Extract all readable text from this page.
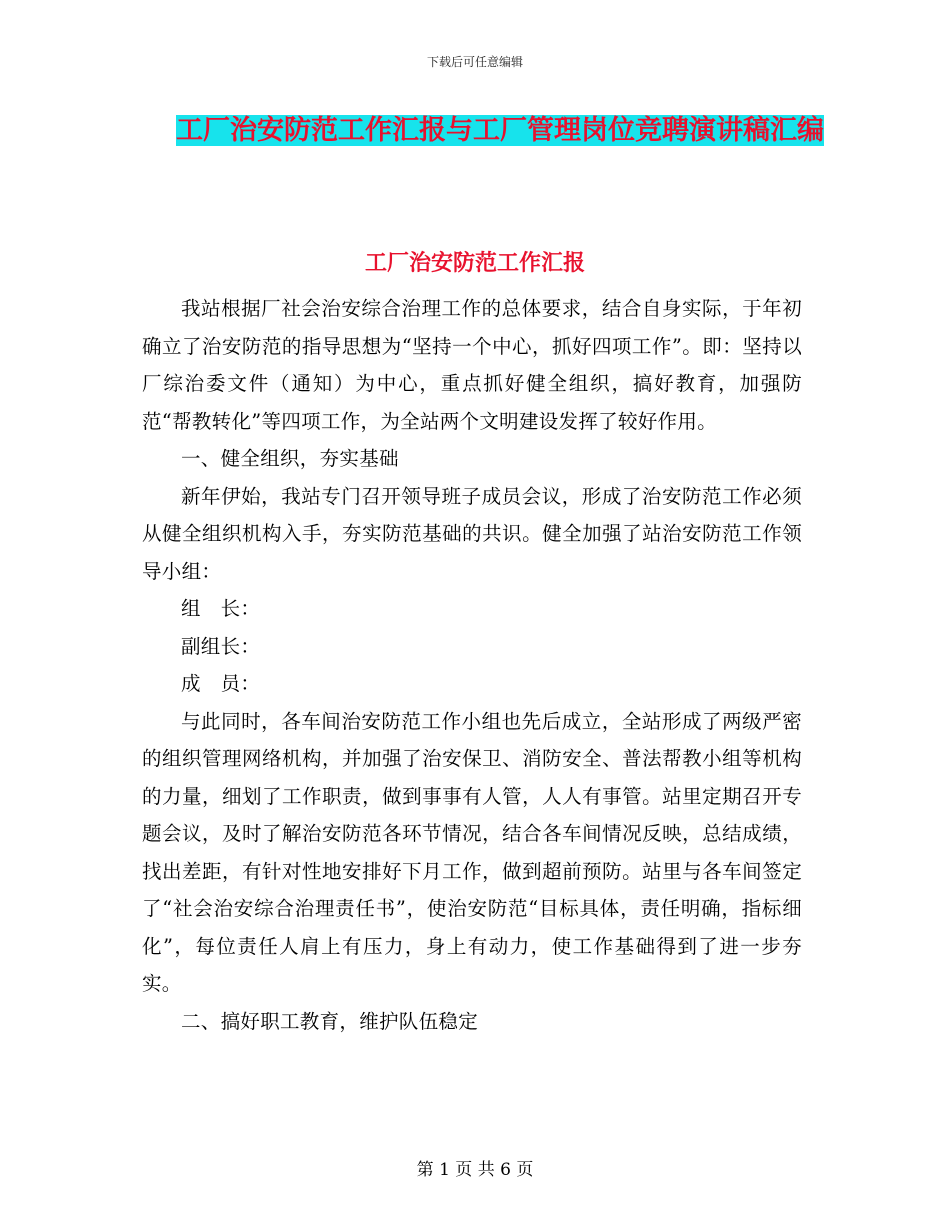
下载后可任意编辑
工厂治安防范工作汇报与工厂管理岗位竞聘演讲稿汇编
工厂治安防范工作汇报

我站根据厂社会治安综合治理工作的总体要求，结合自身实际，于年初确立了治安防范的指导思想为“坚持一个中心，抓好四项工作”。即：坚持以厂综治委文件（通知）为中心，重点抓好健全组织，搞好教育，加强防范“帮教转化”等四项工作，为全站两个文明建设发挥了较好作用。

一、健全组织，夯实基础

新年伊始，我站专门召开领导班子成员会议，形成了治安防范工作必须从健全组织机构入手，夯实防范基础的共识。健全加强了站治安防范工作领导小组：

组　长：

副组长：

成　员：

与此同时，各车间治安防范工作小组也先后成立，全站形成了两级严密的组织管理网络机构，并加强了治安保卫、消防安全、普法帮教小组等机构的力量，细划了工作职责，做到事事有人管，人人有事管。站里定期召开专题会议，及时了解治安防范各环节情况，结合各车间情况反映，总结成绩，找出差距，有针对性地安排好下月工作，做到超前预防。站里与各车间签定了“社会治安综合治理责任书”，使治安防范“目标具体，责任明确，指标细化”，每位责任人肩上有压力，身上有动力，使工作基础得到了进一步夯实。

二、搞好职工教育，维护队伍稳定

第 1 页 共 6 页
